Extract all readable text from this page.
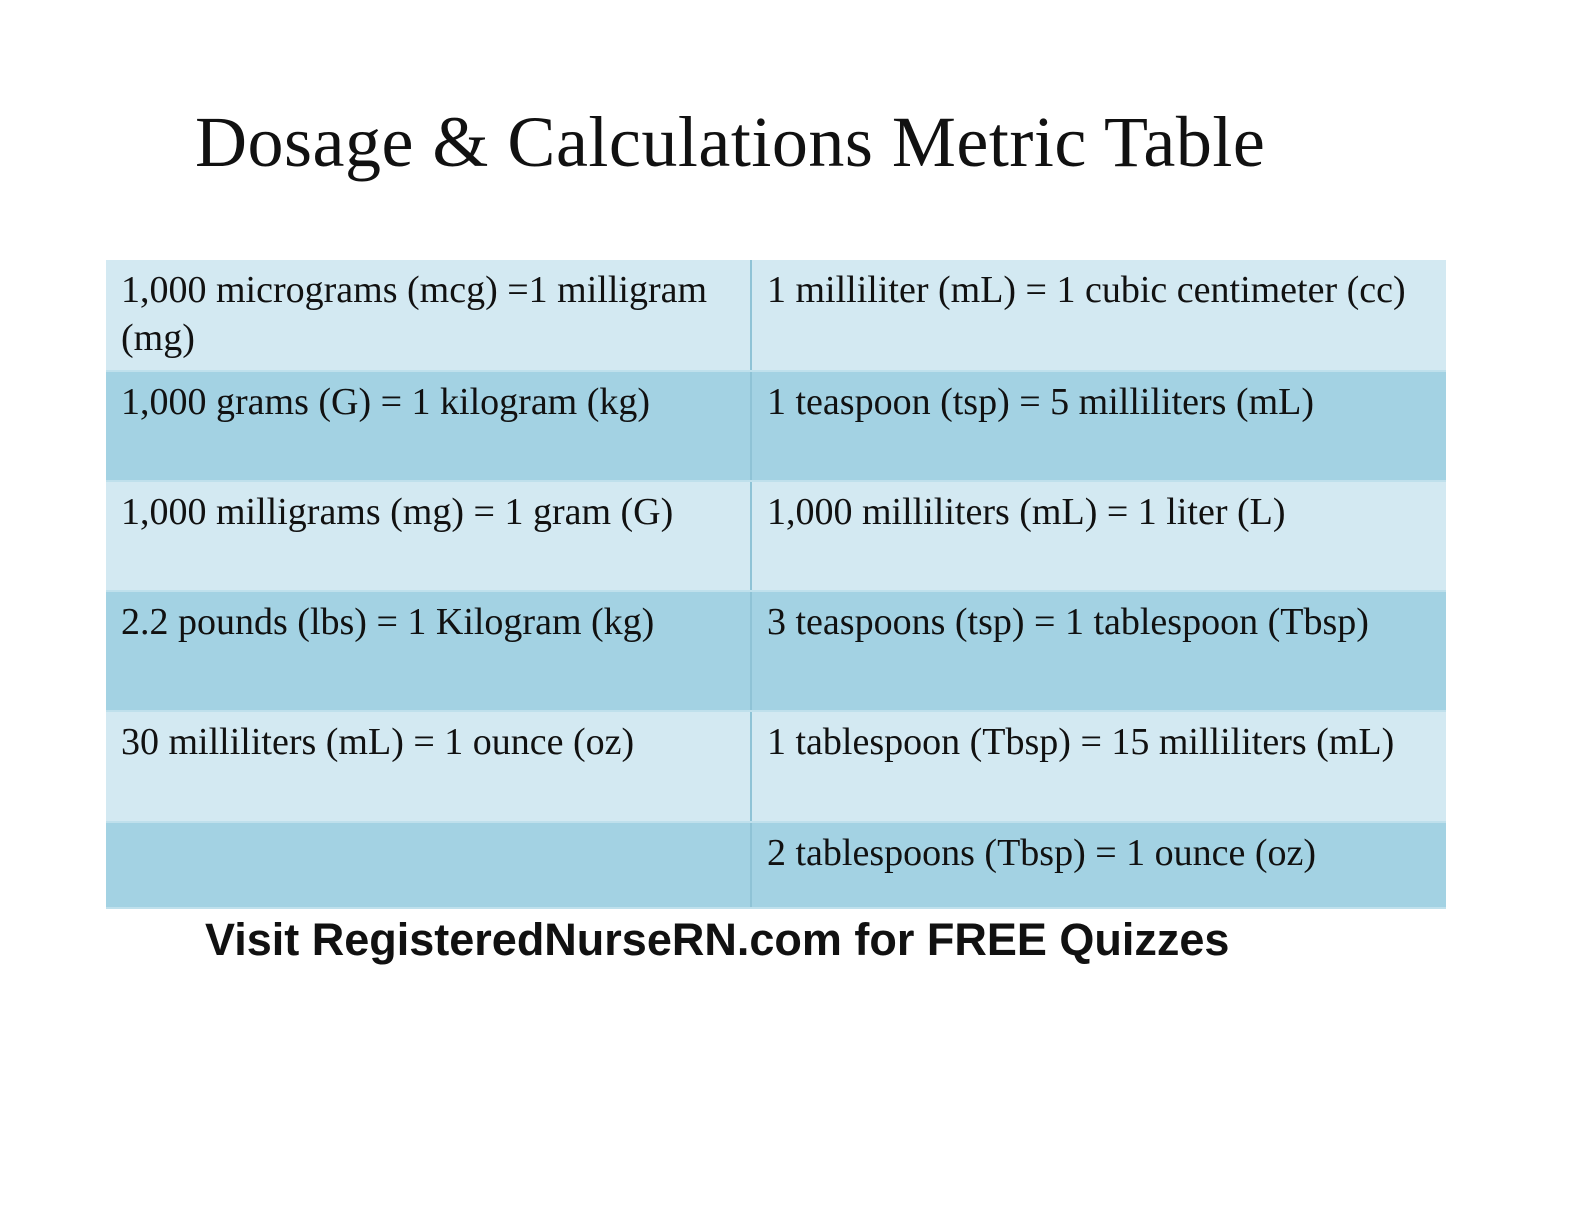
Dosage & Calculations Metric Table
1,000 micrograms (mcg) =1 milligram (mg)	1 milliliter (mL) = 1 cubic centimeter (cc)
1,000 grams (G) = 1 kilogram (kg)	1 teaspoon (tsp) = 5 milliliters (mL)
1,000 milligrams (mg) = 1 gram (G)	1,000 milliliters (mL) = 1 liter (L)
2.2 pounds (lbs) = 1 Kilogram (kg)	3 teaspoons (tsp) = 1 tablespoon (Tbsp)
30 milliliters (mL) = 1 ounce (oz)	1 tablespoon (Tbsp) = 15 milliliters (mL)
	2 tablespoons (Tbsp) = 1 ounce (oz)
Visit RegisteredNurseRN.com for FREE Quizzes
